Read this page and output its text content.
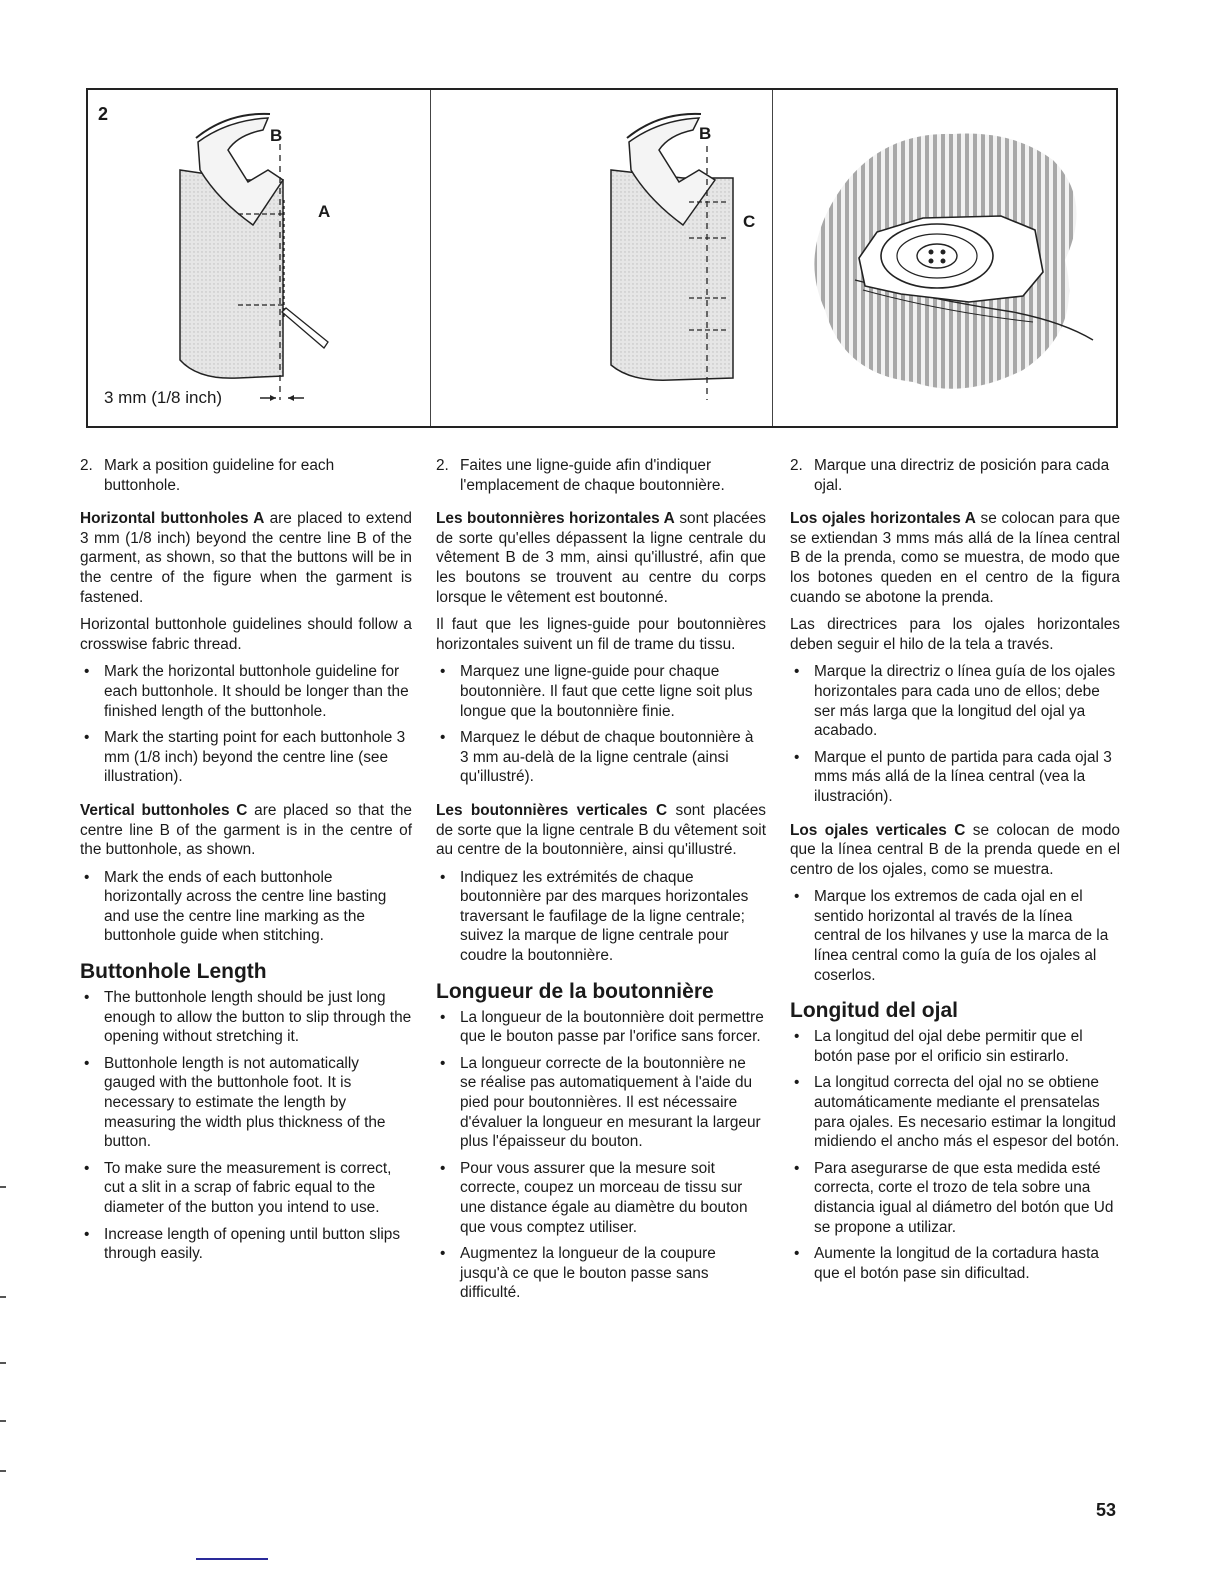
2
B
A
3 mm (1/8 inch)
B
C
2. Mark a position guideline for each buttonhole.

Horizontal buttonholes A are placed to extend 3 mm (1/8 inch) beyond the centre line B of the garment, as shown, so that the buttons will be in the centre of the figure when the garment is fastened.

Horizontal buttonhole guidelines should follow a crosswise fabric thread.

• Mark the horizontal buttonhole guideline for each buttonhole. It should be longer than the finished length of the buttonhole.
• Mark the starting point for each buttonhole 3 mm (1/8 inch) beyond the centre line (see illustration).

Vertical buttonholes C are placed so that the centre line B of the garment is in the centre of the buttonhole, as shown.

• Mark the ends of each buttonhole horizontally across the centre line basting and use the centre line marking as the buttonhole guide when stitching.
Buttonhole Length
• The buttonhole length should be just long enough to allow the button to slip through the opening without stretching it.
• Buttonhole length is not automatically gauged with the buttonhole foot. It is necessary to estimate the length by measuring the width plus thickness of the button.
• To make sure the measurement is correct, cut a slit in a scrap of fabric equal to the diameter of the button you intend to use.
• Increase length of opening until button slips through easily.
2. Faites une ligne-guide afin d'indiquer l'emplacement de chaque boutonnière.

Les boutonnières horizontales A sont placées de sorte qu'elles dépassent la ligne centrale du vêtement B de 3 mm, ainsi qu'illustré, afin que les boutons se trouvent au centre du corps lorsque le vêtement est boutonné.

Il faut que les lignes-guide pour boutonnières horizontales suivent un fil de trame du tissu.

• Marquez une ligne-guide pour chaque boutonnière. Il faut que cette ligne soit plus longue que la boutonnière finie.
• Marquez le début de chaque boutonnière à 3 mm au-delà de la ligne centrale (ainsi qu'illustré).

Les boutonnières verticales C sont placées de sorte que la ligne centrale B du vêtement soit au centre de la boutonnière, ainsi qu'illustré.

• Indiquez les extrémités de chaque boutonnière par des marques horizontales traversant le faufilage de la ligne centrale; suivez la marque de ligne centrale pour coudre la boutonnière.
Longueur de la boutonnière
• La longueur de la boutonnière doit permettre que le bouton passe par l'orifice sans forcer.
• La longueur correcte de la boutonnière ne se réalise pas automatiquement à l'aide du pied pour boutonnières. Il est nécessaire d'évaluer la longueur en mesurant la largeur plus l'épaisseur du bouton.
• Pour vous assurer que la mesure soit correcte, coupez un morceau de tissu sur une distance égale au diamètre du bouton que vous comptez utiliser.
• Augmentez la longueur de la coupure jusqu'à ce que le bouton passe sans difficulté.
2. Marque una directriz de posición para cada ojal.

Los ojales horizontales A se colocan para que se extiendan 3 mms más allá de la línea central B de la prenda, como se muestra, de modo que los botones queden en el centro de la figura cuando se abotone la prenda.

Las directrices para los ojales horizontales deben seguir el hilo de la tela a través.

• Marque la directriz o línea guía de los ojales horizontales para cada uno de ellos; debe ser más larga que la longitud del ojal ya acabado.
• Marque el punto de partida para cada ojal 3 mms más allá de la línea central (vea la ilustración).

Los ojales verticales C se colocan de modo que la línea central B de la prenda quede en el centro de los ojales, como se muestra.

• Marque los extremos de cada ojal en el sentido horizontal al través de la línea central de los hilvanes y use la marca de la línea central como la guía de los ojales al coserlos.
Longitud del ojal
• La longitud del ojal debe permitir que el botón pase por el orificio sin estirarlo.
• La longitud correcta del ojal no se obtiene automáticamente mediante el prensatelas para ojales. Es necesario estimar la longitud midiendo el ancho más el espesor del botón.
• Para asegurarse de que esta medida esté correcta, corte el trozo de tela sobre una distancia igual al diámetro del botón que Ud se propone a utilizar.
• Aumente la longitud de la cortadura hasta que el botón pase sin dificultad.
53
